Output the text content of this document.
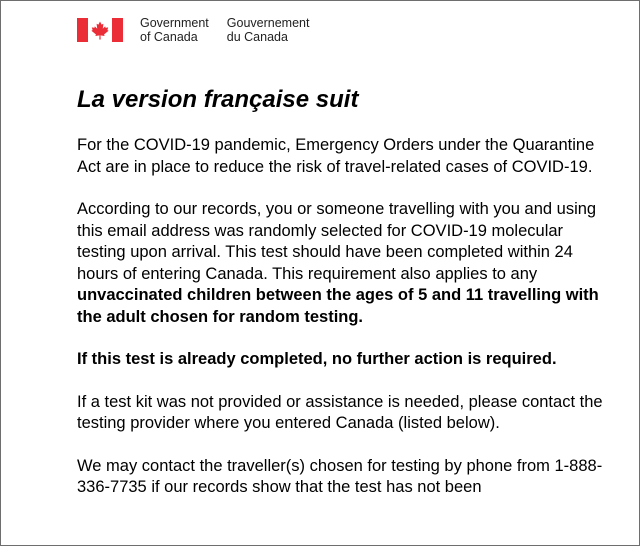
Government
of Canada
Gouvernement
du Canada
La version française suit

For the COVID-19 pandemic, Emergency Orders under the Quarantine Act are in place to reduce the risk of travel-related cases of COVID-19.

According to our records, you or someone travelling with you and using this email address was randomly selected for COVID-19 molecular testing upon arrival. This test should have been completed within 24 hours of entering Canada. This requirement also applies to any unvaccinated children between the ages of 5 and 11 travelling with the adult chosen for random testing.

If this test is already completed, no further action is required.

If a test kit was not provided or assistance is needed, please contact the testing provider where you entered Canada (listed below).

We may contact the traveller(s) chosen for testing by phone from 1-888-336-7735 if our records show that the test has not been
